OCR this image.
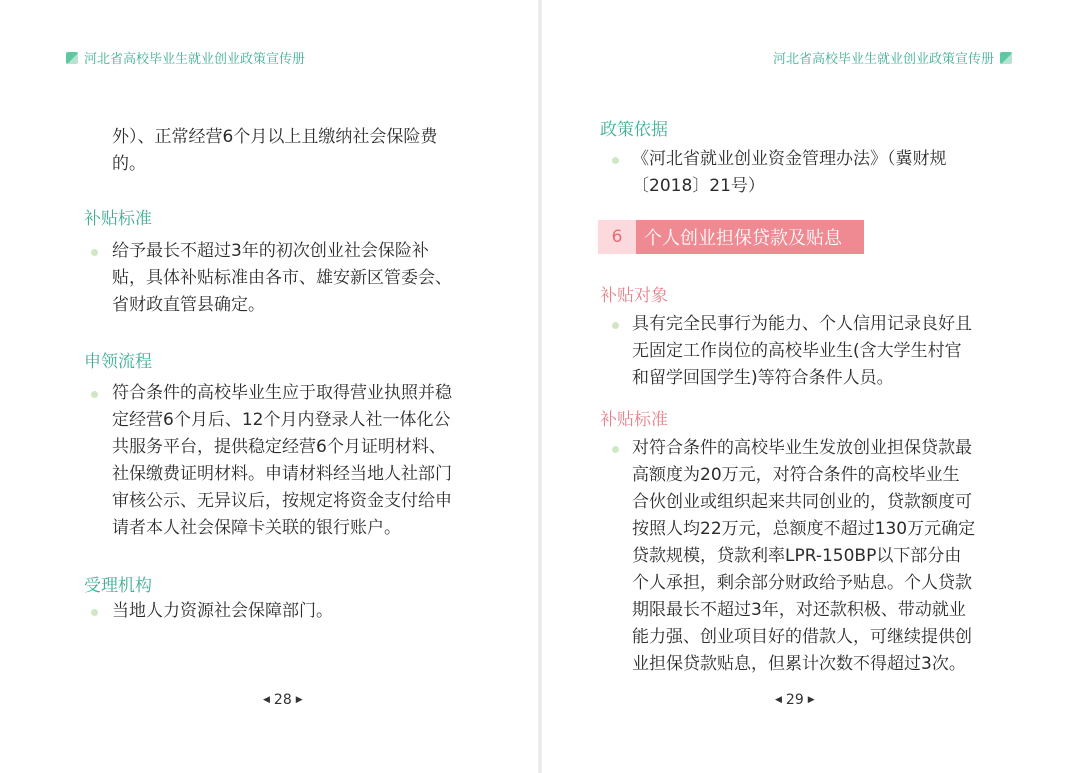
河北省高校毕业生就业创业政策宣传册
外）、正常经营6个月以上且缴纳社会保险费
的。
补贴标准
给予最长不超过3年的初次创业社会保险补
贴，具体补贴标准由各市、雄安新区管委会、
省财政直管县确定。
申领流程
符合条件的高校毕业生应于取得营业执照并稳
定经营6个月后、12个月内登录人社一体化公
共服务平台，提供稳定经营6个月证明材料、
社保缴费证明材料。申请材料经当地人社部门
审核公示、无异议后，按规定将资金支付给申
请者本人社会保障卡关联的银行账户。
受理机构
当地人力资源社会保障部门。
◀ 28 ▶
河北省高校毕业生就业创业政策宣传册
政策依据
《河北省就业创业资金管理办法》（冀财规
〔2018〕21号）
6	个人创业担保贷款及贴息
补贴对象
具有完全民事行为能力、个人信用记录良好且
无固定工作岗位的高校毕业生(含大学生村官
和留学回国学生)等符合条件人员。
补贴标准
对符合条件的高校毕业生发放创业担保贷款最
高额度为20万元，对符合条件的高校毕业生
合伙创业或组织起来共同创业的，贷款额度可
按照人均22万元，总额度不超过130万元确定
贷款规模，贷款利率LPR-150BP以下部分由
个人承担，剩余部分财政给予贴息。个人贷款
期限最长不超过3年，对还款积极、带动就业
能力强、创业项目好的借款人，可继续提供创
业担保贷款贴息，但累计次数不得超过3次。
◀ 29 ▶
